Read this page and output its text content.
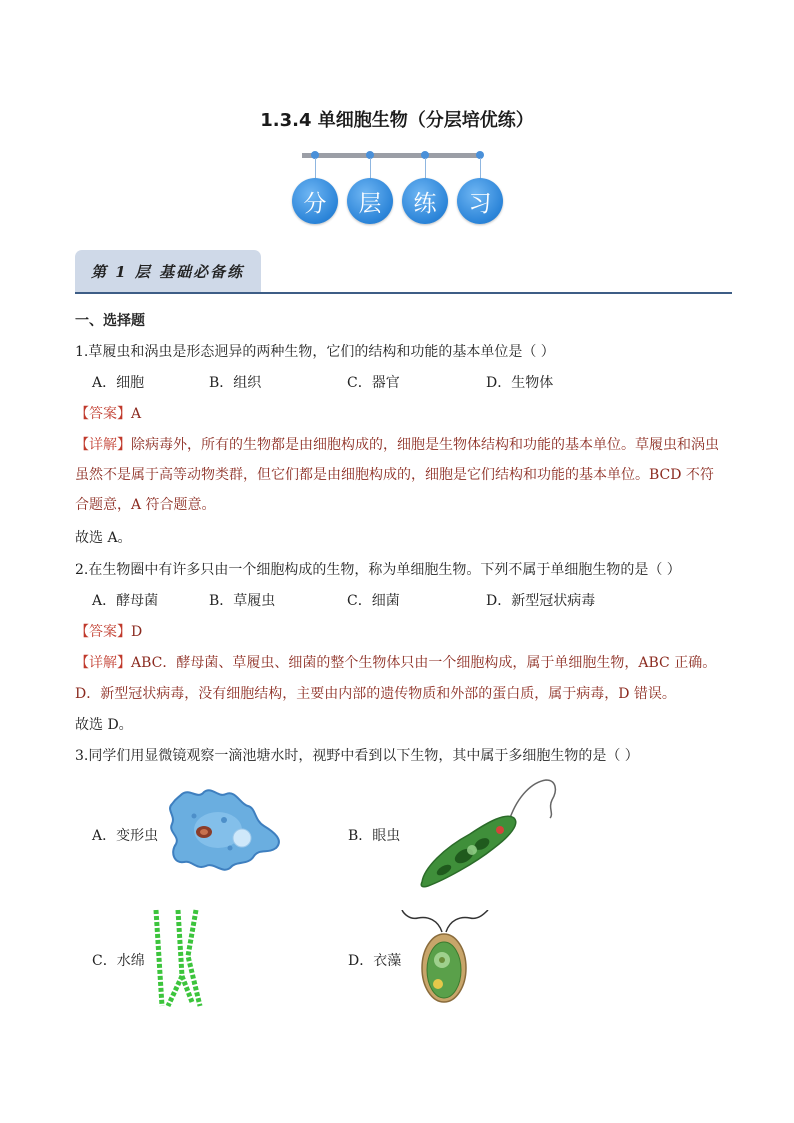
1.3.4 单细胞生物（分层培优练）
分	层	练	习
第 1 层 基础必备练
一、选择题
1.草履虫和涡虫是形态迥异的两种生物，它们的结构和功能的基本单位是（ ）
A．细胞	B．组织	C．器官	D．生物体
【答案】A
【详解】除病毒外，所有的生物都是由细胞构成的，细胞是生物体结构和功能的基本单位。草履虫和涡虫虽然不是属于高等动物类群，但它们都是由细胞构成的，细胞是它们结构和功能的基本单位。BCD 不符合题意，A 符合题意。
故选 A。
2.在生物圈中有许多只由一个细胞构成的生物，称为单细胞生物。下列不属于单细胞生物的是（ ）
A．酵母菌	B．草履虫	C．细菌	D．新型冠状病毒
【答案】D
【详解】ABC．酵母菌、草履虫、细菌的整个生物体只由一个细胞构成，属于单细胞生物，ABC 正确。
D．新型冠状病毒，没有细胞结构，主要由内部的遗传物质和外部的蛋白质，属于病毒，D 错误。
故选 D。
3.同学们用显微镜观察一滴池塘水时，视野中看到以下生物，其中属于多细胞生物的是（ ）
A．变形虫	B．眼虫
C．水绵	D．衣藻
